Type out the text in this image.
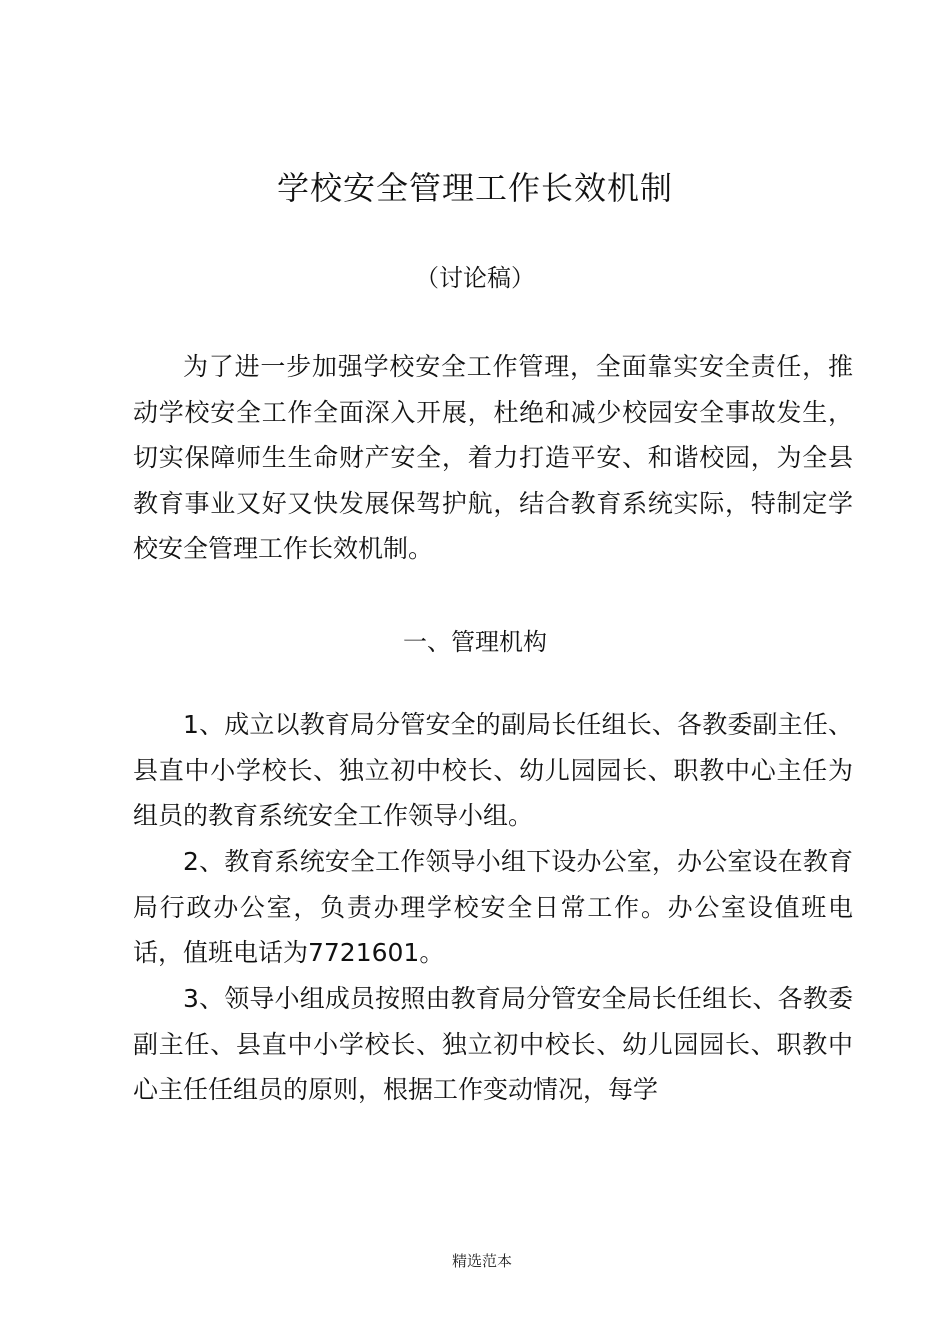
学校安全管理工作长效机制
（讨论稿）

为了进一步加强学校安全工作管理，全面靠实安全责任，推动学校安全工作全面深入开展，杜绝和减少校园安全事故发生，切实保障师生生命财产安全，着力打造平安、和谐校园，为全县教育事业又好又快发展保驾护航，结合教育系统实际，特制定学校安全管理工作长效机制。

一、管理机构

1、成立以教育局分管安全的副局长任组长、各教委副主任、县直中小学校长、独立初中校长、幼儿园园长、职教中心主任为组员的教育系统安全工作领导小组。

2、教育系统安全工作领导小组下设办公室，办公室设在教育局行政办公室，负责办理学校安全日常工作。办公室设值班电话，值班电话为7721601。

3、领导小组成员按照由教育局分管安全局长任组长、各教委副主任、县直中小学校长、独立初中校长、幼儿园园长、职教中心主任任组员的原则，根据工作变动情况，每学

精选范本
